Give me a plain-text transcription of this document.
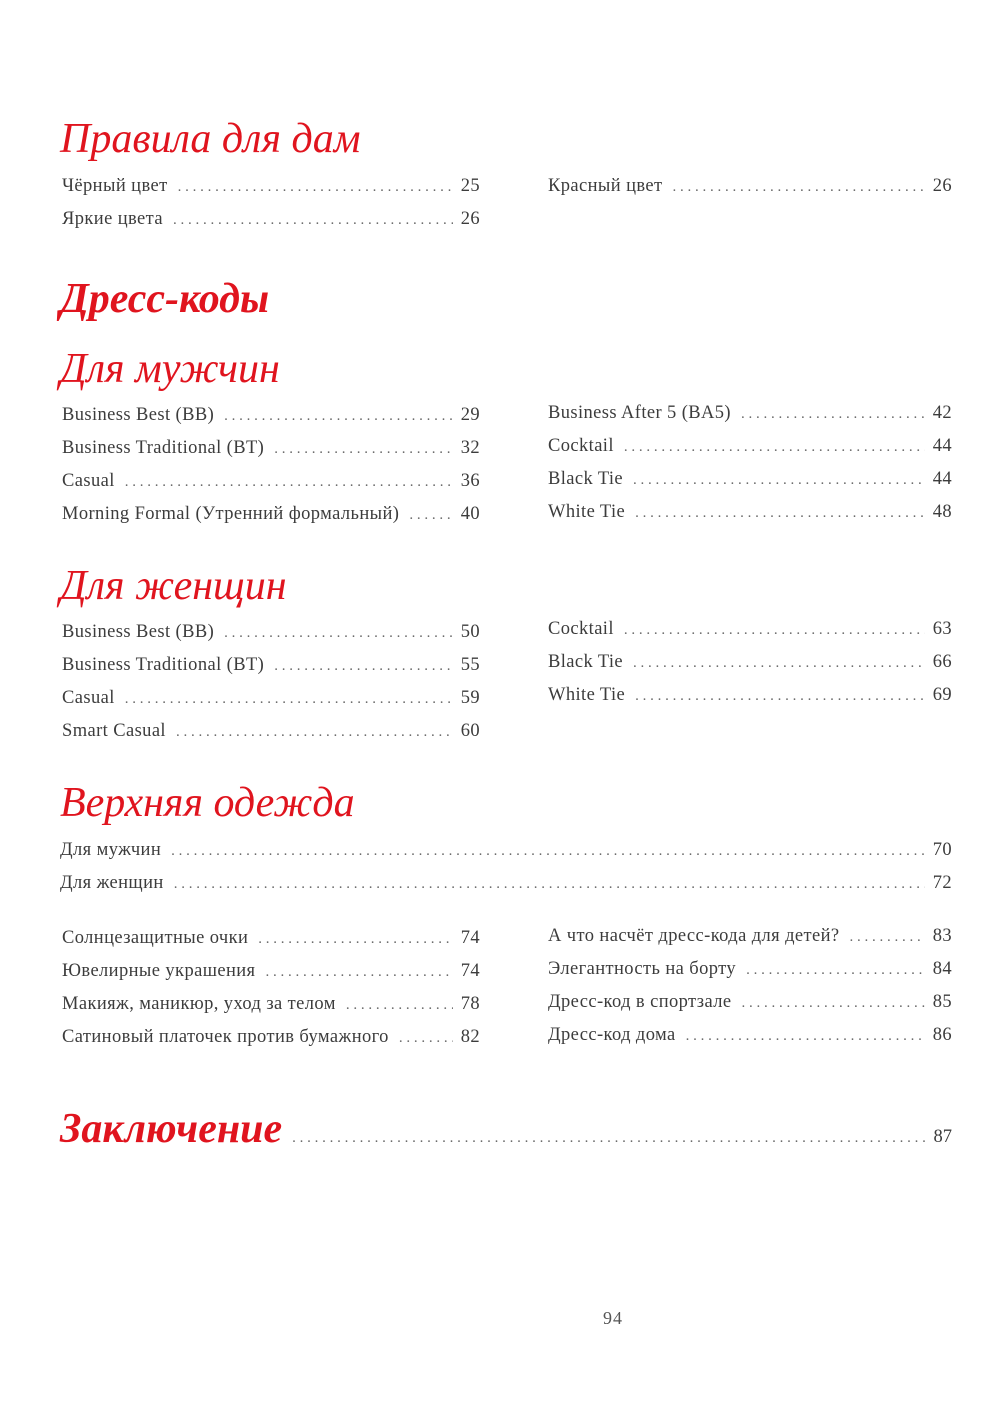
Правила для дам
Чёрный цвет . . .	25
Яркие цвета . . .	26
Красный цвет . . .	26
Дресс-коды
Для мужчин
Business Best (BB) . . .	29
Business Traditional (BT) . . .	32
Casual . . .	36
Morning Formal (Утренний формальный) . . .	40
Business After 5 (BA5) . . .	42
Cocktail . . .	44
Black Tie . . .	44
White Tie . . .	48
Для женщин
Business Best (BB) . . .	50
Business Traditional (BT) . . .	55
Casual . . .	59
Smart Casual . . .	60
Cocktail . . .	63
Black Tie . . .	66
White Tie . . .	69
Верхняя одежда
Для мужчин . . .	70
Для женщин . . .	72
Солнцезащитные очки . . .	74
Ювелирные украшения . . .	74
Макияж, маникюр, уход за телом . . .	78
Сатиновый платочек против бумажного . . .	82
А что насчёт дресс-кода для детей? . . .	83
Элегантность на борту . . .	84
Дресс-код в спортзале . . .	85
Дресс-код дома . . .	86
Заключение . . .	87
94
